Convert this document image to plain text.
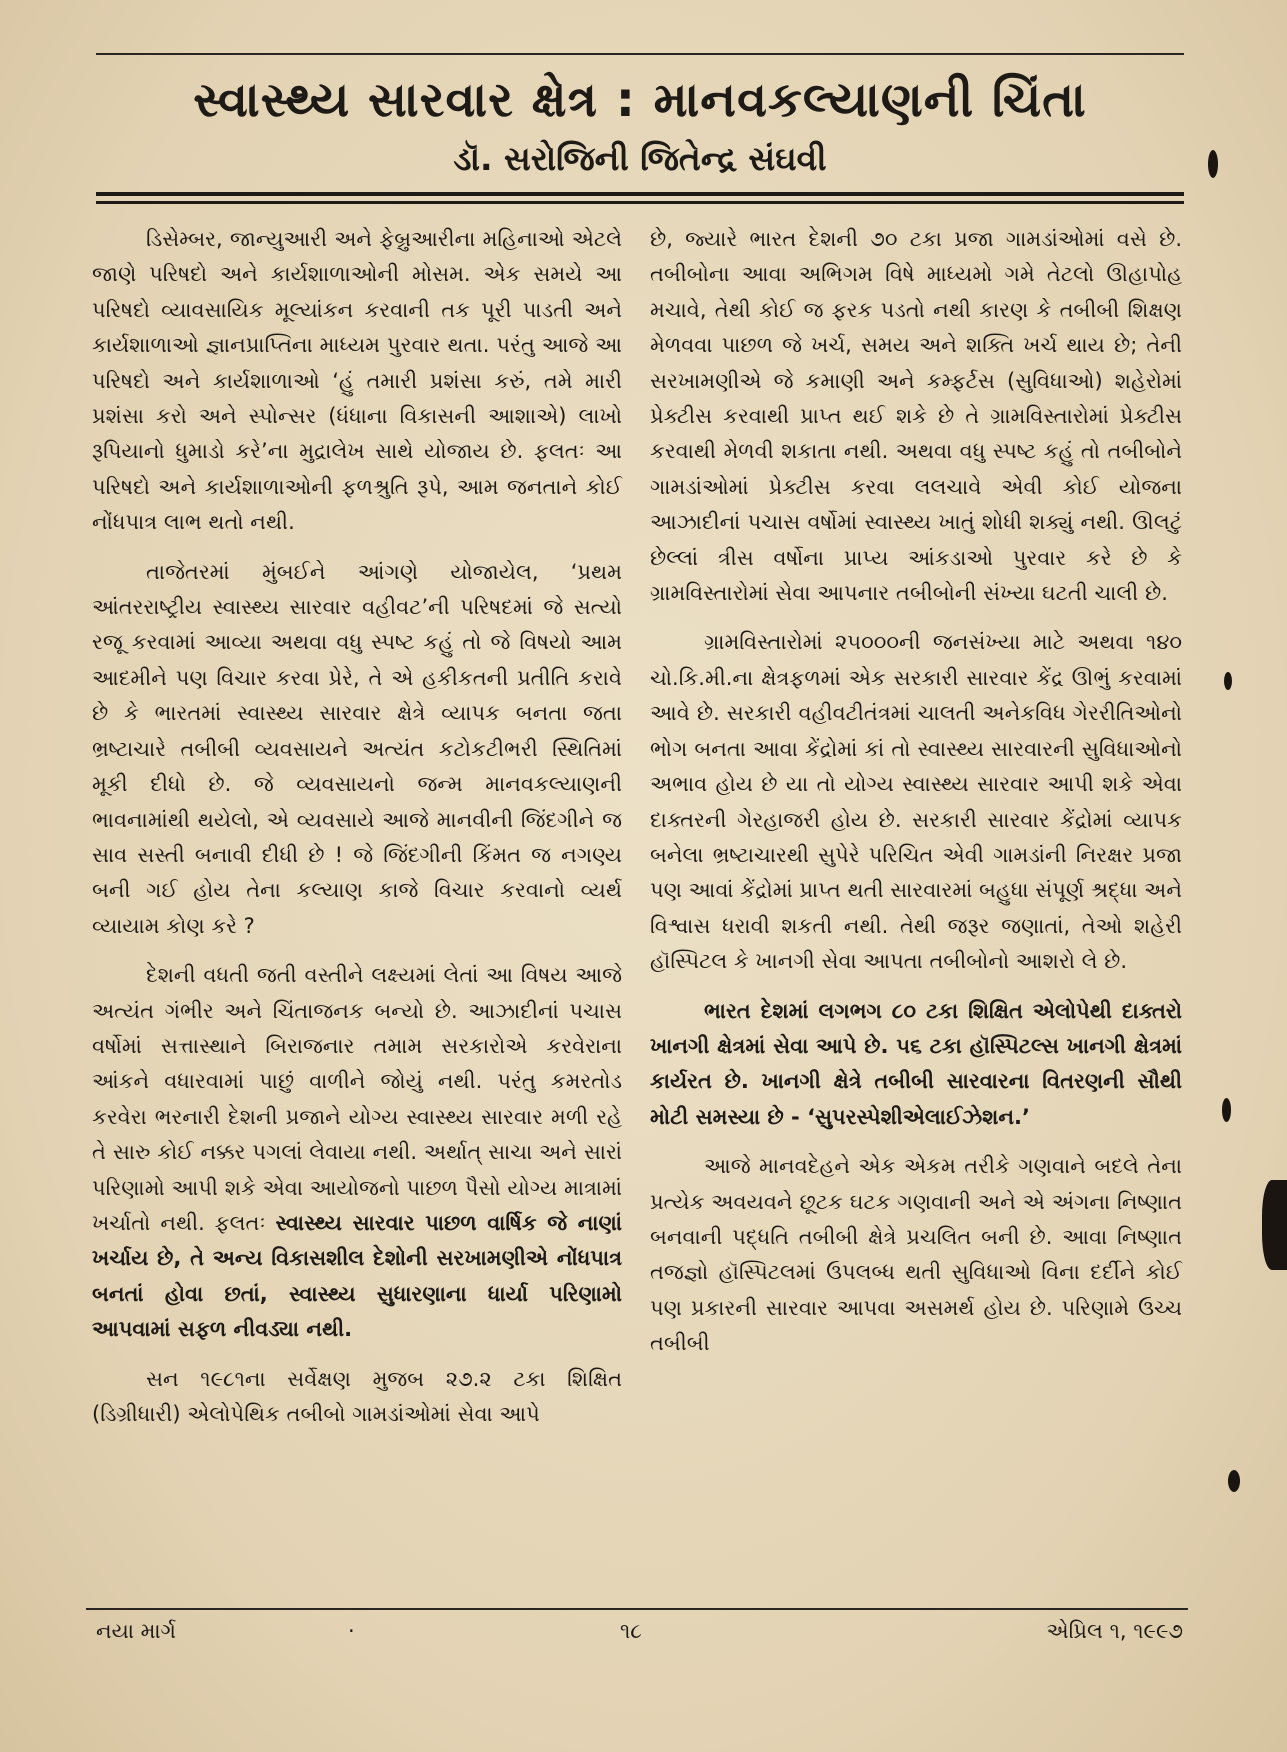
સ્વાસ્થ્ય સારવાર ક્ષેત્ર : માનવકલ્યાણની ચિંતા
ડૉ. સરોજિની જિતેન્દ્ર સંઘવી

ડિસેમ્બર, જાન્યુઆરી અને ફેબ્રુઆરીના મહિનાઓ એટલે જાણે પરિષદો અને કાર્યશાળાઓની મોસમ. એક સમયે આ પરિષદો વ્યાવસાયિક મૂલ્યાંકન કરવાની તક પૂરી પાડતી અને કાર્યશાળાઓ જ્ઞાનપ્રાપ્તિના માધ્યમ પુરવાર થતા. પરંતુ આજે આ પરિષદો અને કાર્યશાળાઓ ‘હું તમારી પ્રશંસા કરું, તમે મારી પ્રશંસા કરો અને સ્પોન્સર (ધંધાના વિકાસની આશાએ) લાખો રૂપિયાનો ધુમાડો કરે’ના મુદ્રાલેખ સાથે યોજાય છે. ફલતઃ આ પરિષદો અને કાર્યશાળાઓની ફળશ્રુતિ રૂપે, આમ જનતાને કોઈ નોંધપાત્ર લાભ થતો નથી.

તાજેતરમાં મુંબઈને આંગણે યોજાયેલ, ‘પ્રથમ આંતરરાષ્ટ્રીય સ્વાસ્થ્ય સારવાર વહીવટ’ની પરિષદમાં જે સત્યો રજૂ કરવામાં આવ્યા અથવા વધુ સ્પષ્ટ કહું તો જે વિષયો આમ આદમીને પણ વિચાર કરવા પ્રેરે, તે એ હકીકતની પ્રતીતિ કરાવે છે કે ભારતમાં સ્વાસ્થ્ય સારવાર ક્ષેત્રે વ્યાપક બનતા જતા ભ્રષ્ટાચારે તબીબી વ્યવસાયને અત્યંત કટોકટીભરી સ્થિતિમાં મૂકી દીધો છે. જે વ્યવસાયનો જન્મ માનવકલ્યાણની ભાવનામાંથી થયેલો, એ વ્યવસાયે આજે માનવીની જિંદગીને જ સાવ સસ્તી બનાવી દીધી છે ! જે જિંદગીની કિંમત જ નગણ્ય બની ગઈ હોય તેના કલ્યાણ કાજે વિચાર કરવાનો વ્યર્થ વ્યાયામ કોણ કરે ?

દેશની વધતી જતી વસ્તીને લક્ષ્યમાં લેતાં આ વિષય આજે અત્યંત ગંભીર અને ચિંતાજનક બન્યો છે. આઝાદીનાં પચાસ વર્ષોમાં સત્તાસ્થાને બિરાજનાર તમામ સરકારોએ કરવેરાના આંકને વધારવામાં પાછું વાળીને જોયું નથી. પરંતુ કમરતોડ કરવેરા ભરનારી દેશની પ્રજાને યોગ્ય સ્વાસ્થ્ય સારવાર મળી રહે તે સારુ કોઈ નક્કર પગલાં લેવાયા નથી. અર્થાત્ સાચા અને સારાં પરિણામો આપી શકે એવા આયોજનો પાછળ પૈસો યોગ્ય માત્રામાં ખર્ચાતો નથી. ફલતઃ સ્વાસ્થ્ય સારવાર પાછળ વાર્ષિક જે નાણાં ખર્ચાય છે, તે અન્ય વિકાસશીલ દેશોની સરખામણીએ નોંધપાત્ર બનતાં હોવા છતાં, સ્વાસ્થ્ય સુધારણાના ધાર્યા પરિણામો આપવામાં સફળ નીવડ્યા નથી.

સન ૧૯૮૧ના સર્વેક્ષણ મુજબ ૨૭.૨ ટકા શિક્ષિત (ડિગ્રીધારી) એલોપેથિક તબીબો ગામડાંઓમાં સેવા આપે

છે, જ્યારે ભારત દેશની ૭૦ ટકા પ્રજા ગામડાંઓમાં વસે છે. તબીબોના આવા અભિગમ વિષે માધ્યમો ગમે તેટલો ઊહાપોહ મચાવે, તેથી કોઈ જ ફરક પડતો નથી કારણ કે તબીબી શિક્ષણ મેળવવા પાછળ જે ખર્ચ, સમય અને શક્તિ ખર્ચ થાય છે; તેની સરખામણીએ જે કમાણી અને કમ્ફર્ટસ (સુવિધાઓ) શહેરોમાં પ્રેક્ટીસ કરવાથી પ્રાપ્ત થઈ શકે છે તે ગ્રામવિસ્તારોમાં પ્રેક્ટીસ કરવાથી મેળવી શકાતા નથી. અથવા વધુ સ્પષ્ટ કહું તો તબીબોને ગામડાંઓમાં પ્રેક્ટીસ કરવા લલચાવે એવી કોઈ યોજના આઝાદીનાં પચાસ વર્ષોમાં સ્વાસ્થ્ય ખાતું શોધી શક્યું નથી. ઊલટું છેલ્લાં ત્રીસ વર્ષોના પ્રાપ્ય આંકડાઓ પુરવાર કરે છે કે ગ્રામવિસ્તારોમાં સેવા આપનાર તબીબોની સંખ્યા ઘટતી ચાલી છે.

ગ્રામવિસ્તારોમાં ૨૫૦૦૦ની જનસંખ્યા માટે અથવા ૧૪૦ ચો.કિ.મી.ના ક્ષેત્રફળમાં એક સરકારી સારવાર કેંદ્ર ઊભું કરવામાં આવે છે. સરકારી વહીવટીતંત્રમાં ચાલતી અનેકવિધ ગેરરીતિઓનો ભોગ બનતા આવા કેંદ્રોમાં કાં તો સ્વાસ્થ્ય સારવારની સુવિધાઓનો અભાવ હોય છે યા તો યોગ્ય સ્વાસ્થ્ય સારવાર આપી શકે એવા દાક્તરની ગેરહાજરી હોય છે. સરકારી સારવાર કેંદ્રોમાં વ્યાપક બનેલા ભ્રષ્ટાચારથી સુપેરે પરિચિત એવી ગામડાંની નિરક્ષર પ્રજા પણ આવાં કેંદ્રોમાં પ્રાપ્ત થતી સારવારમાં બહુધા સંપૂર્ણ શ્રદ્ધા અને વિશ્વાસ ધરાવી શકતી નથી. તેથી જરૂર જણાતાં, તેઓ શહેરી હૉસ્પિટલ કે ખાનગી સેવા આપતા તબીબોનો આશરો લે છે.

ભારત દેશમાં લગભગ ૮૦ ટકા શિક્ષિત એલોપેથી દાક્તરો ખાનગી ક્ષેત્રમાં સેવા આપે છે. ૫૬ ટકા હૉસ્પિટલ્સ ખાનગી ક્ષેત્રમાં કાર્યરત છે. ખાનગી ક્ષેત્રે તબીબી સારવારના વિતરણની સૌથી મોટી સમસ્યા છે - ‘સુપરસ્પેશીએલાઈઝેશન.’

આજે માનવદેહને એક એકમ તરીકે ગણવાને બદલે તેના પ્રત્યેક અવયવને છૂટક ઘટક ગણવાની અને એ અંગના નિષ્ણાત બનવાની પદ્ધતિ તબીબી ક્ષેત્રે પ્રચલિત બની છે. આવા નિષ્ણાત તજજ્ઞો હૉસ્પિટલમાં ઉપલબ્ધ થતી સુવિધાઓ વિના દર્દીને કોઈ પણ પ્રકારની સારવાર આપવા અસમર્થ હોય છે. પરિણામે ઉચ્ચ તબીબી

નયા માર્ગ	·	૧૮	એપ્રિલ ૧, ૧૯૯૭
